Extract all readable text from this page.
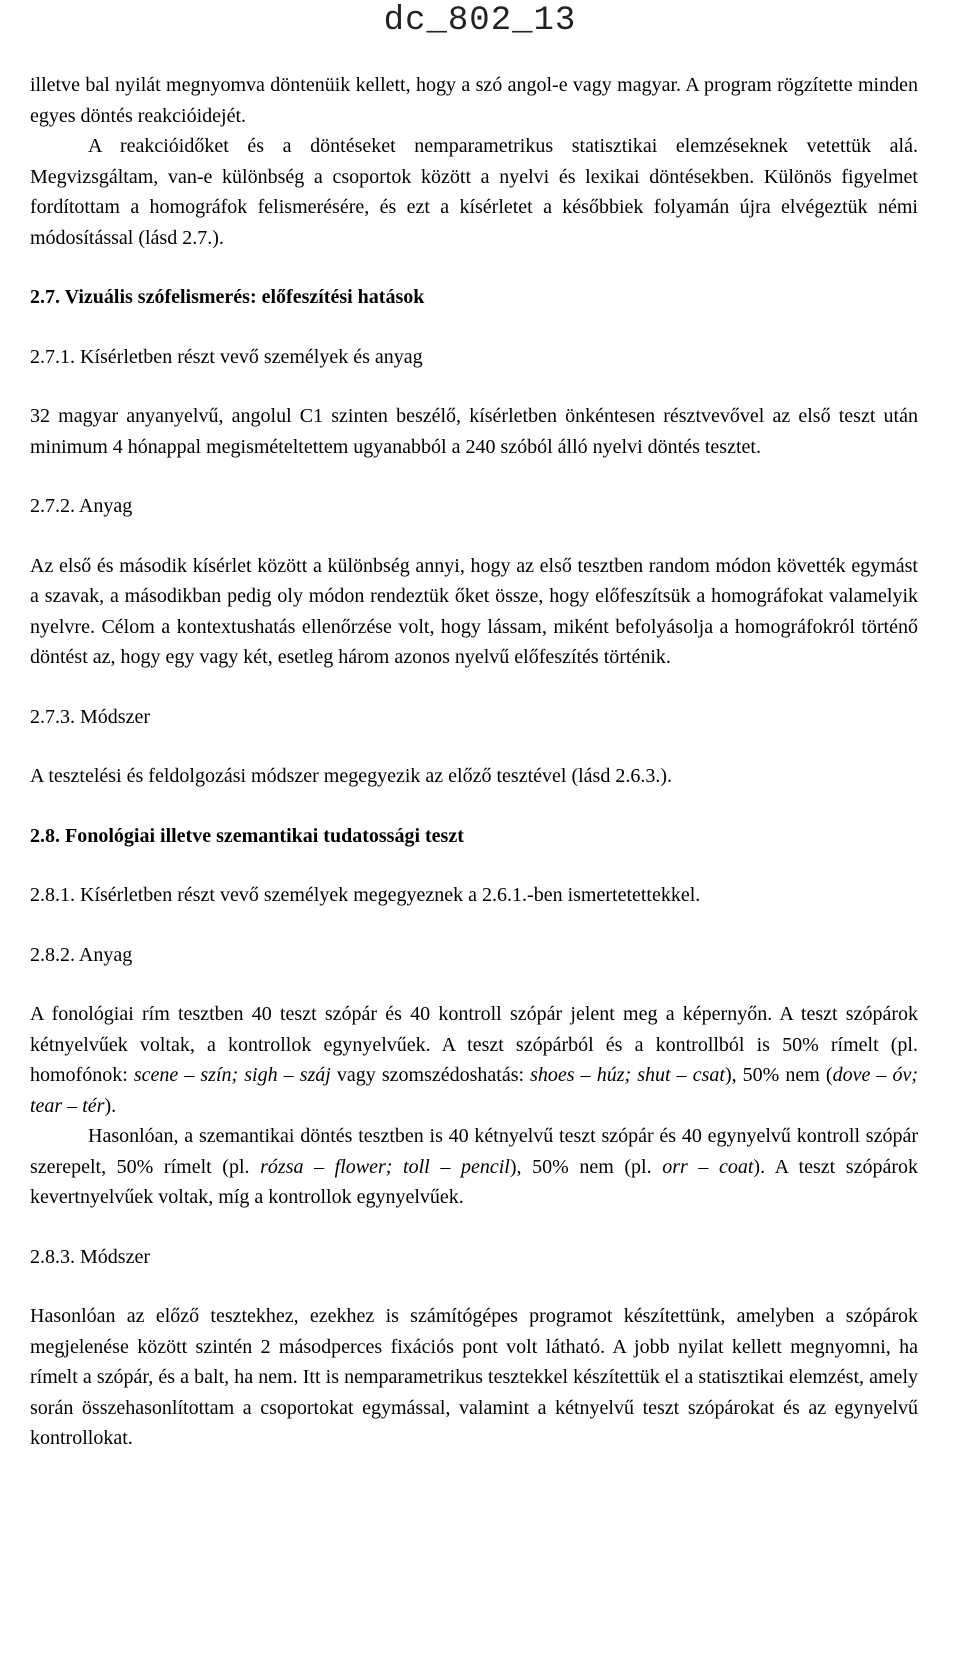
dc_802_13

illetve bal nyilát megnyomva döntenüik kellett, hogy a szó angol-e vagy magyar. A program rögzítette minden egyes döntés reakcióidejét.

A reakcióidőket és a döntéseket nemparametrikus statisztikai elemzéseknek vetettük alá. Megvizsgáltam, van-e különbség a csoportok között a nyelvi és lexikai döntésekben. Különös figyelmet fordítottam a homográfok felismerésére, és ezt a kísérletet a későbbiek folyamán újra elvégeztük némi módosítással (lásd 2.7.).

2.7. Vizuális szófelismerés: előfeszítési hatások
2.7.1. Kísérletben részt vevő személyek és anyag

32 magyar anyanyelvű, angolul C1 szinten beszélő, kísérletben önkéntesen résztvevővel az első teszt után minimum 4 hónappal megismételtettem ugyanabból a 240 szóból álló nyelvi döntés tesztet.

2.7.2. Anyag

Az első és második kísérlet között a különbség annyi, hogy az első tesztben random módon követték egymást a szavak, a másodikban pedig oly módon rendeztük őket össze, hogy előfeszítsük a homográfokat valamelyik nyelvre. Célom a kontextushatás ellenőrzése volt, hogy lássam, miként befolyásolja a homográfokról történő döntést az, hogy egy vagy két, esetleg három azonos nyelvű előfeszítés történik.

2.7.3. Módszer

A tesztelési és feldolgozási módszer megegyezik az előző tesztével (lásd 2.6.3.).

2.8. Fonológiai illetve szemantikai tudatossági teszt
2.8.1. Kísérletben részt vevő személyek megegyeznek a 2.6.1.-ben ismertetettekkel.
2.8.2. Anyag

A fonológiai rím tesztben 40 teszt szópár és 40 kontroll szópár jelent meg a képernyőn. A teszt szópárok kétnyelvűek voltak, a kontrollok egynyelvűek. A teszt szópárból és a kontrollból is 50% rímelt (pl. homofónok: scene – szín; sigh – száj vagy szomszédoshatás: shoes – húz; shut – csat), 50% nem (dove – óv; tear – tér).

Hasonlóan, a szemantikai döntés tesztben is 40 kétnyelvű teszt szópár és 40 egynyelvű kontroll szópár szerepelt, 50% rímelt (pl. rózsa – flower; toll – pencil), 50% nem (pl. orr – coat). A teszt szópárok kevertnyelvűek voltak, míg a kontrollok egynyelvűek.

2.8.3. Módszer

Hasonlóan az előző tesztekhez, ezekhez is számítógépes programot készítettünk, amelyben a szópárok megjelenése között szintén 2 másodperces fixációs pont volt látható. A jobb nyilat kellett megnyomni, ha rímelt a szópár, és a balt, ha nem. Itt is nemparametrikus tesztekkel készítettük el a statisztikai elemzést, amely során összehasonlítottam a csoportokat egymással, valamint a kétnyelvű teszt szópárokat és az egynyelvű kontrollokat.
